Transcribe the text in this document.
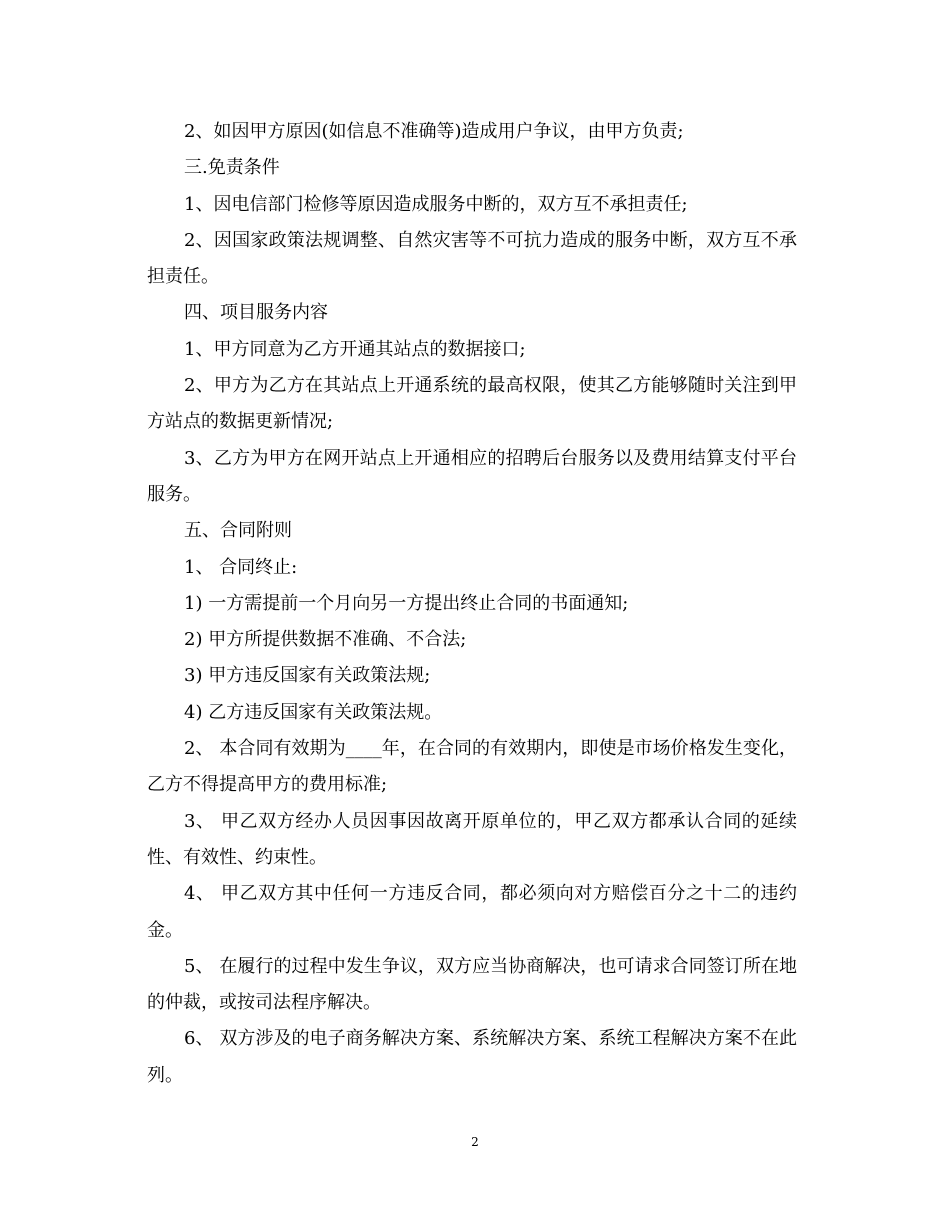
2、如因甲方原因(如信息不准确等)造成用户争议，由甲方负责;

三.免责条件

1、因电信部门检修等原因造成服务中断的，双方互不承担责任;

2、因国家政策法规调整、自然灾害等不可抗力造成的服务中断，双方互不承担责任。

四、项目服务内容

1、甲方同意为乙方开通其站点的数据接口;

2、甲方为乙方在其站点上开通系统的最高权限，使其乙方能够随时关注到甲方站点的数据更新情况;

3、乙方为甲方在网开站点上开通相应的招聘后台服务以及费用结算支付平台服务。

五、合同附则

1、 合同终止:

1) 一方需提前一个月向另一方提出终止合同的书面通知;

2) 甲方所提供数据不准确、不合法;

3) 甲方违反国家有关政策法规;

4) 乙方违反国家有关政策法规。

2、 本合同有效期为____年，在合同的有效期内，即使是市场价格发生变化，乙方不得提高甲方的费用标准;

3、 甲乙双方经办人员因事因故离开原单位的，甲乙双方都承认合同的延续性、有效性、约束性。

4、 甲乙双方其中任何一方违反合同，都必须向对方赔偿百分之十二的违约金。

5、 在履行的过程中发生争议，双方应当协商解决，也可请求合同签订所在地的仲裁，或按司法程序解决。

6、 双方涉及的电子商务解决方案、系统解决方案、系统工程解决方案不在此列。

2
